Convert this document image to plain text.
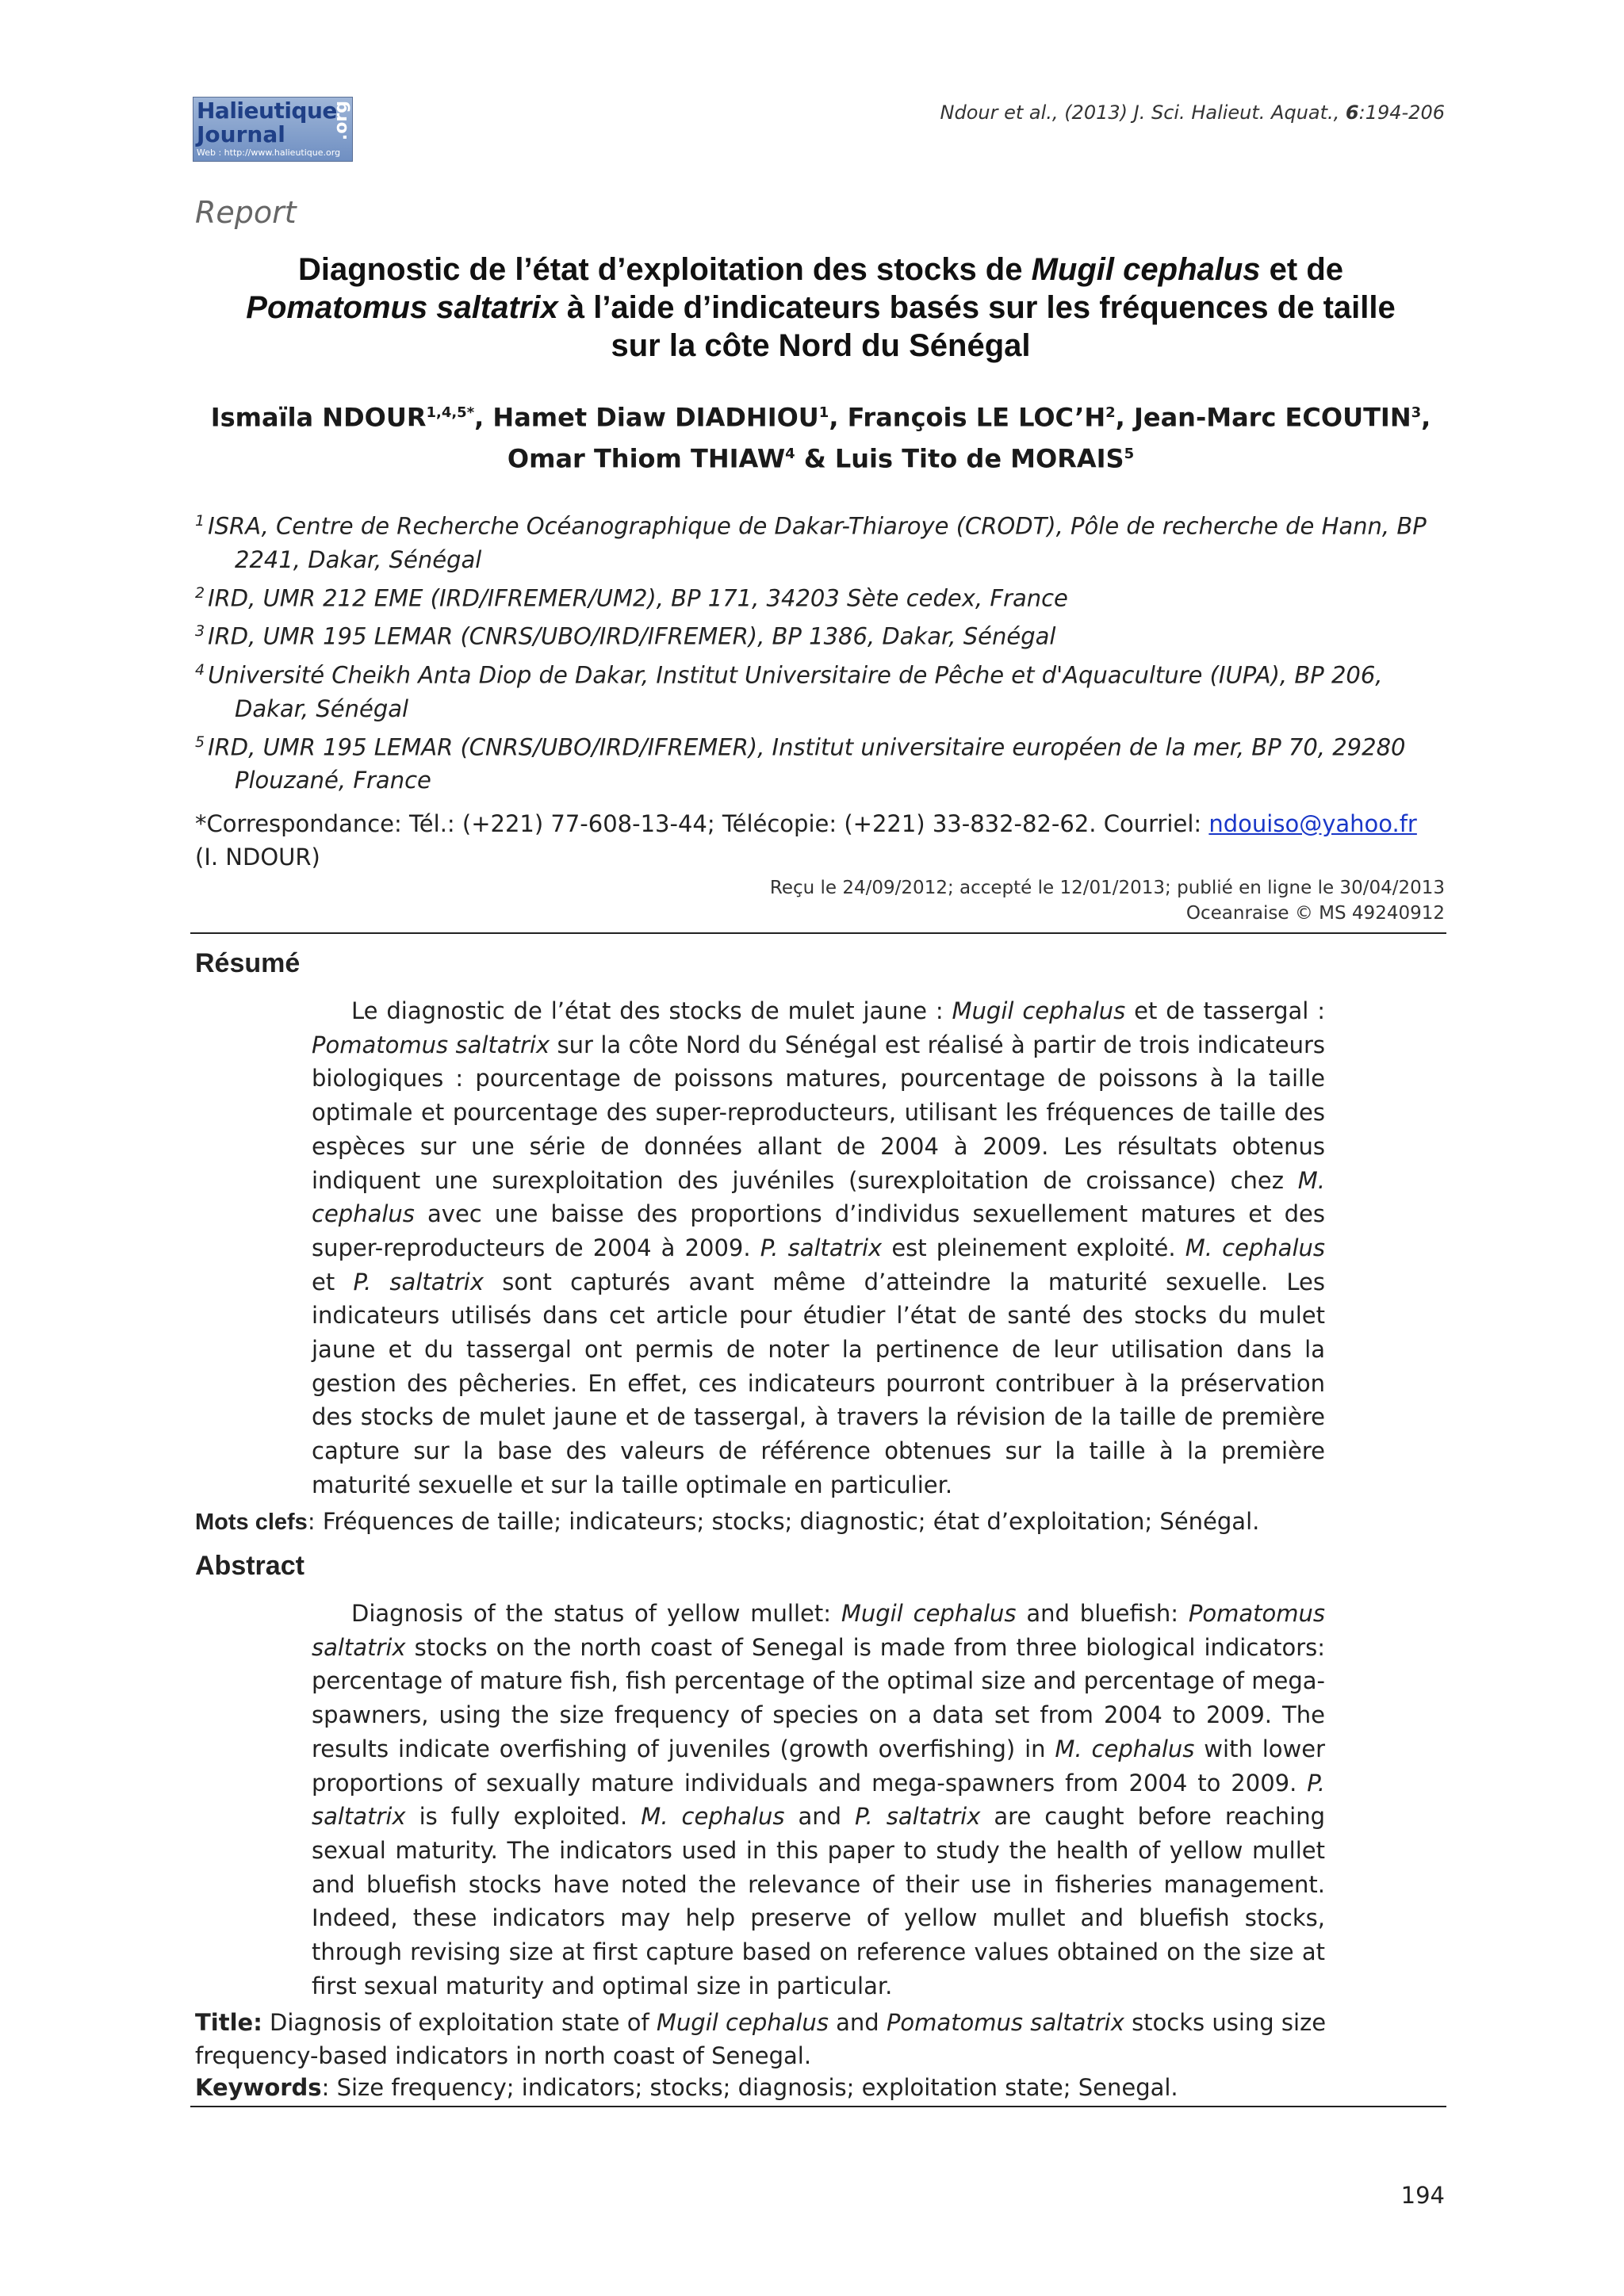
Halieutique
Journal	.org
Web : http://www.halieutique.org
Ndour et al., (2013) J. Sci. Halieut. Aquat., 6:194-206
Report
Diagnostic de l’état d’exploitation des stocks de Mugil cephalus et de
Pomatomus saltatrix à l’aide d’indicateurs basés sur les fréquences de taille
sur la côte Nord du Sénégal
Ismaïla $NDOUR^{1,4,5*}$, Hamet Diaw DIADHIOU$^1$, François LE $LOC’H^2$, Jean-Marc ECOUTIN$^3$, Omar Thiom THIAW$^4$ & Luis Tito de MORAIS$^5$
$^1$ ISRA, Centre de Recherche Océanographique de Dakar-Thiaroye (CRODT), Pôle de recherche de Hann, BP 2241, Dakar, Sénégal
$^2$ IRD, UMR 212 EME (IRD/IFREMER/UM2), BP 171, 34203 Sète cedex, France
$^3$ IRD, UMR 195 LEMAR (CNRS/UBO/IRD/IFREMER), BP 1386, Dakar, Sénégal
$^4$ Université Cheikh Anta Diop de Dakar, Institut Universitaire de Pêche et d'Aquaculture (IUPA), BP 206, Dakar, Sénégal
$^5$ IRD, UMR 195 LEMAR (CNRS/UBO/IRD/IFREMER), Institut universitaire européen de la mer, BP 70, 29280 Plouzané, France
*Correspondance: Tél.: (+221) 77-608-13-44; Télécopie: (+221) 33-832-82-62. Courriel: ndouiso@yahoo.fr (I. NDOUR)
Reçu le 24/09/2012; accepté le 12/01/2013; publié en ligne le 30/04/2013
Oceanraise © MS 49240912
Résumé
Le diagnostic de l’état des stocks de mulet jaune : Mugil cephalus et de tassergal : Pomatomus saltatrix sur la côte Nord du Sénégal est réalisé à partir de trois indicateurs biologiques : pourcentage de poissons matures, pourcentage de poissons à la taille optimale et pourcentage des super-reproducteurs, utilisant les fréquences de taille des espèces sur une série de données allant de 2004 à 2009. Les résultats obtenus indiquent une surexploitation des juvéniles (surexploitation de croissance) chez M. cephalus avec une baisse des proportions d’individus sexuellement matures et des super-reproducteurs de 2004 à 2009. P. saltatrix est pleinement exploité. M. cephalus et P. saltatrix sont capturés avant même d’atteindre la maturité sexuelle. Les indicateurs utilisés dans cet article pour étudier l’état de santé des stocks du mulet jaune et du tassergal ont permis de noter la pertinence de leur utilisation dans la gestion des pêcheries. En effet, ces indicateurs pourront contribuer à la préservation des stocks de mulet jaune et de tassergal, à travers la révision de la taille de première capture sur la base des valeurs de référence obtenues sur la taille à la première maturité sexuelle et sur la taille optimale en particulier.
Mots clefs: Fréquences de taille; indicateurs; stocks; diagnostic; état d’exploitation; Sénégal.
Abstract
Diagnosis of the status of yellow mullet: Mugil cephalus and bluefish: Pomatomus saltatrix stocks on the north coast of Senegal is made from three biological indicators: percentage of mature fish, fish percentage of the optimal size and percentage of mega-spawners, using the size frequency of species on a data set from 2004 to 2009. The results indicate overfishing of juveniles (growth overfishing) in M. cephalus with lower proportions of sexually mature individuals and mega-spawners from 2004 to 2009. P. saltatrix is fully exploited. M. cephalus and P. saltatrix are caught before reaching sexual maturity. The indicators used in this paper to study the health of yellow mullet and bluefish stocks have noted the relevance of their use in fisheries management. Indeed, these indicators may help preserve of yellow mullet and bluefish stocks, through revising size at first capture based on reference values obtained on the size at first sexual maturity and optimal size in particular.
Title: Diagnosis of exploitation state of Mugil cephalus and Pomatomus saltatrix stocks using size frequency-based indicators in north coast of Senegal.
Keywords: Size frequency; indicators; stocks; diagnosis; exploitation state; Senegal.
194
